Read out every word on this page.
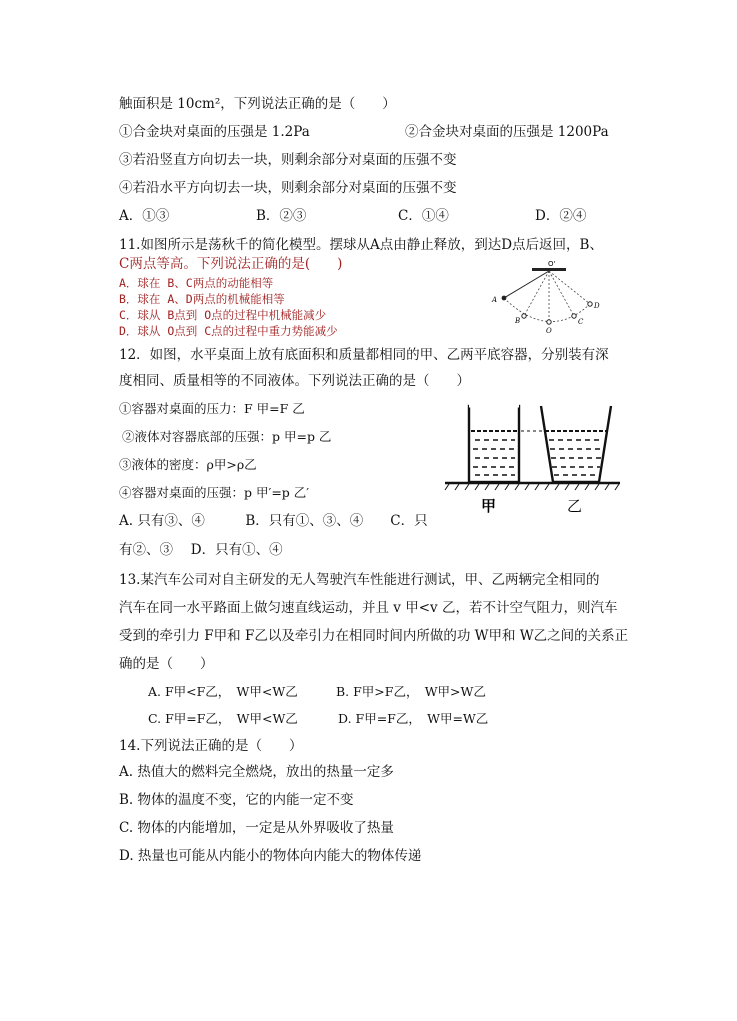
触面积是 10cm²，下列说法正确的是（　　）
①合金块对桌面的压强是 1.2Pa	②合金块对桌面的压强是 1200Pa
③若沿竖直方向切去一块，则剩余部分对桌面的压强不变
④若沿水平方向切去一块，则剩余部分对桌面的压强不变
A．①③	B．②③	C．①④	D．②④
11.如图所示是荡秋千的简化模型。摆球从A点由静止释放，到达D点后返回，B、
C两点等高。下列说法正确的是(　　)
A．球在 B、C两点的动能相等
B．球在 A、D两点的机械能相等
C．球从 B点到 O点的过程中机械能减少
D．球从 O点到 C点的过程中重力势能减少
O'
A
B
O
C
D
12．如图，水平桌面上放有底面积和质量都相同的甲、乙两平底容器，分别装有深
度相同、质量相等的不同液体。下列说法正确的是（　　）
①容器对桌面的压力：F 甲=F 乙
②液体对容器底部的压强：p 甲=p 乙
③液体的密度：ρ甲>ρ乙
④容器对桌面的压强：p 甲′=p 乙′
A. 只有③、④　　　B．只有①、③、④　　C．只
有②、③　 D．只有①、④
甲	乙
13.某汽车公司对自主研发的无人驾驶汽车性能进行测试，甲、乙两辆完全相同的
汽车在同一水平路面上做匀速直线运动，并且 v 甲<v 乙，若不计空气阻力，则汽车
受到的牵引力 F甲和 F乙以及牵引力在相同时间内所做的功 W甲和 W乙之间的关系正
确的是（　　）
A. F甲<F乙，　W甲<W乙	B. F甲>F乙，　W甲>W乙
C. F甲=F乙，　W甲<W乙	D. F甲=F乙，　W甲=W乙
14.下列说法正确的是（　　）
A. 热值大的燃料完全燃烧，放出的热量一定多
B. 物体的温度不变，它的内能一定不变
C. 物体的内能增加，一定是从外界吸收了热量
D. 热量也可能从内能小的物体向内能大的物体传递
